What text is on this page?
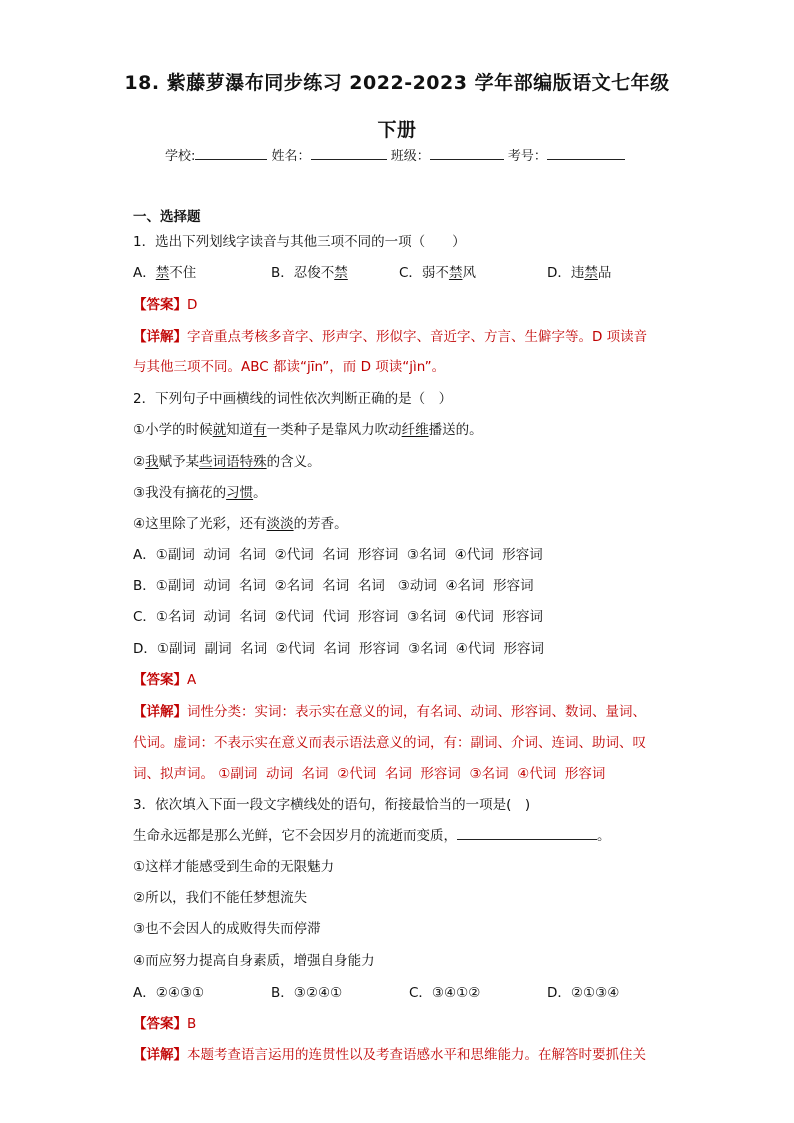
18. 紫藤萝瀑布同步练习 2022-2023 学年部编版语文七年级
下册
学校:	姓名：	班级：	考号：
一、选择题
1．选出下列划线字读音与其他三项不同的一项（　　）
A．禁不住	B．忍俊不禁	C．弱不禁风	D．违禁品
【答案】D
【详解】字音重点考核多音字、形声字、形似字、音近字、方言、生僻字等。D 项读音
与其他三项不同。ABC 都读“jīn”，而 D 项读“jìn”。
2．下列句子中画横线的词性依次判断正确的是（　）
①小学的时候就知道有一类种子是靠风力吹动纤维播送的。
②我赋予某些词语特殊的含义。
③我没有摘花的习惯。
④这里除了光彩，还有淡淡的芳香。
A．①副词  动词  名词  ②代词  名词  形容词  ③名词  ④代词  形容词
B．①副词  动词  名词  ②名词  名词  名词   ③动词  ④名词  形容词
C．①名词  动词  名词  ②代词  代词  形容词  ③名词  ④代词  形容词
D．①副词  副词  名词  ②代词  名词  形容词  ③名词  ④代词  形容词
【答案】A
【详解】词性分类：实词：表示实在意义的词，有名词、动词、形容词、数词、量词、
代词。虚词：不表示实在意义而表示语法意义的词，有：副词、介词、连词、助词、叹
词、拟声词。 ①副词  动词  名词  ②代词  名词  形容词  ③名词  ④代词  形容词
3．依次填入下面一段文字横线处的语句，衔接最恰当的一项是(　)
生命永远都是那么光鲜，它不会因岁月的流逝而变质，	。
①这样才能感受到生命的无限魅力
②所以，我们不能任梦想流失
③也不会因人的成败得失而停滞
④而应努力提高自身素质，增强自身能力
A．②④③①	B．③②④①	C．③④①②	D．②①③④
【答案】B
【详解】本题考查语言运用的连贯性以及考查语感水平和思维能力。在解答时要抓住关
